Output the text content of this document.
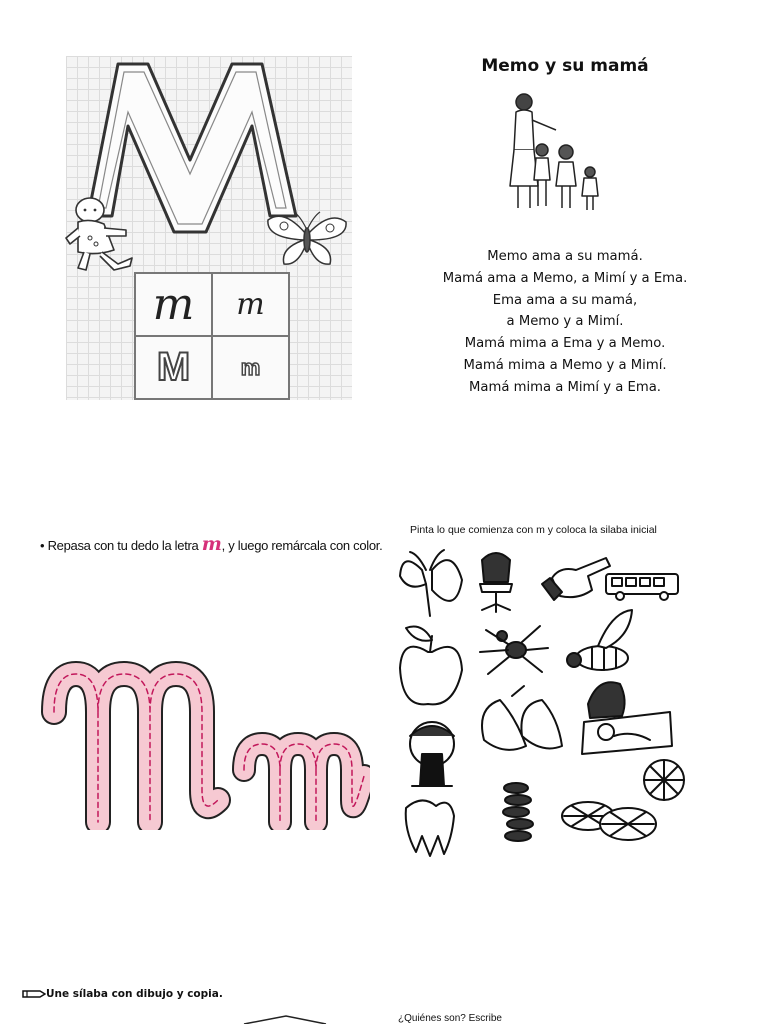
m m
M m
Memo y su mamá
Memo ama a su mamá.
Mamá ama a Memo, a Mimí y a Ema.
Ema ama a su mamá,
a Memo y a Mimí.
Mamá mima a Ema y a Memo.
Mamá mima a Memo y a Mimí.
Mamá mima a Mimí y a Ema.
• Repasa con tu dedo la letra m, y luego remárcala con color.
Pinta lo que comienza con m y coloca la silaba inicial
Une sílaba con dibujo y copia.
¿Quiénes son? Escribe
